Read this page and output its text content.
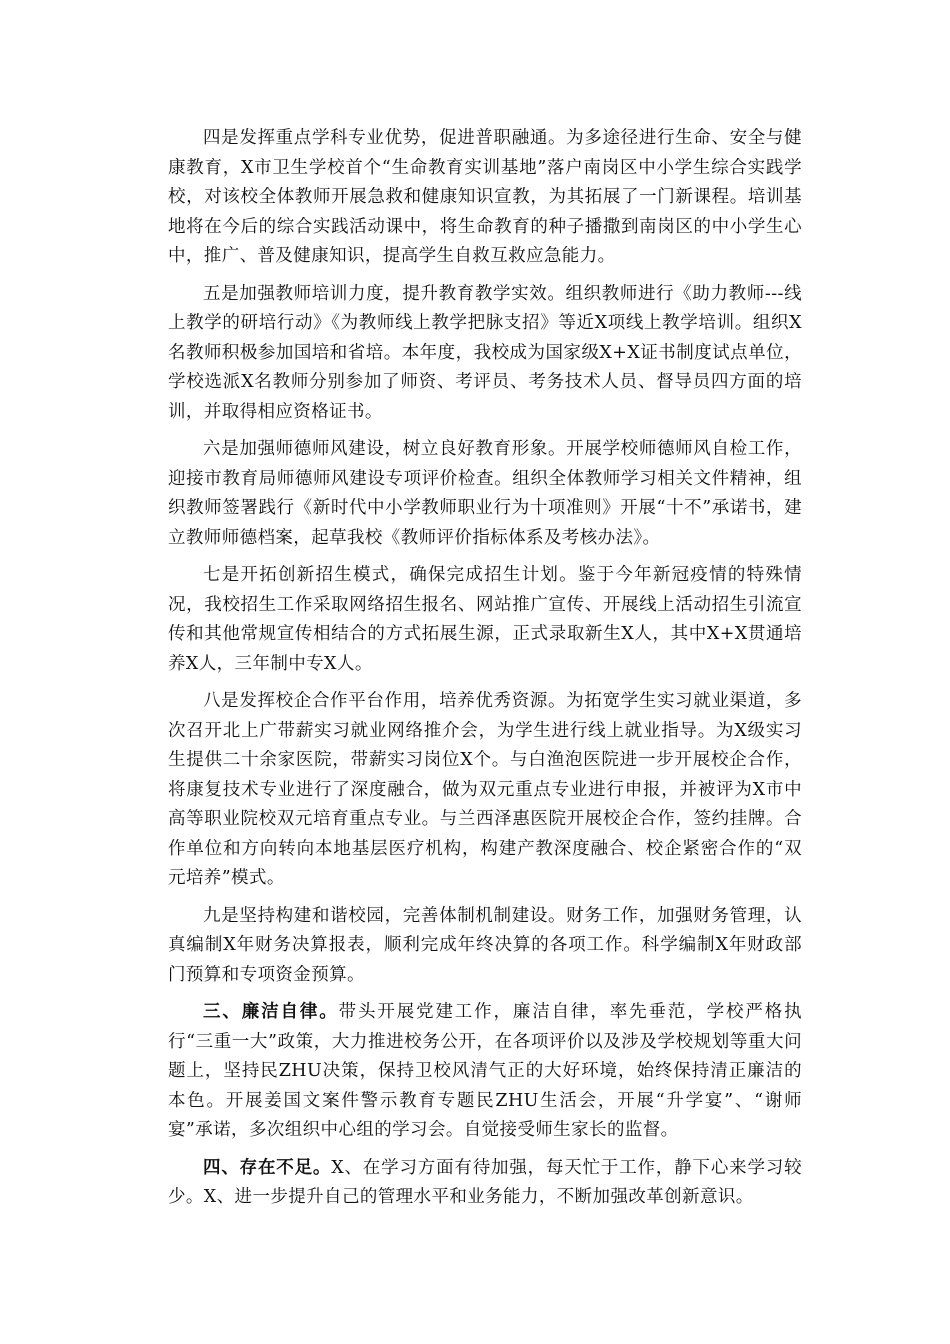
四是发挥重点学科专业优势，促进普职融通。为多途径进行生命、安全与健康教育，X市卫生学校首个“生命教育实训基地”落户南岗区中小学生综合实践学校，对该校全体教师开展急救和健康知识宣教，为其拓展了一门新课程。培训基地将在今后的综合实践活动课中，将生命教育的种子播撒到南岗区的中小学生心中，推广、普及健康知识，提高学生自救互救应急能力。

五是加强教师培训力度，提升教育教学实效。组织教师进行《助力教师---线上教学的研培行动》《为教师线上教学把脉支招》等近X项线上教学培训。组织X名教师积极参加国培和省培。本年度，我校成为国家级X+X证书制度试点单位，学校选派X名教师分别参加了师资、考评员、考务技术人员、督导员四方面的培训，并取得相应资格证书。

六是加强师德师风建设，树立良好教育形象。开展学校师德师风自检工作，迎接市教育局师德师风建设专项评价检查。组织全体教师学习相关文件精神，组织教师签署践行《新时代中小学教师职业行为十项准则》开展“十不”承诺书，建立教师师德档案，起草我校《教师评价指标体系及考核办法》。

七是开拓创新招生模式，确保完成招生计划。鉴于今年新冠疫情的特殊情况，我校招生工作采取网络招生报名、网站推广宣传、开展线上活动招生引流宣传和其他常规宣传相结合的方式拓展生源，正式录取新生X人，其中X+X贯通培养X人，三年制中专X人。

八是发挥校企合作平台作用，培养优秀资源。为拓宽学生实习就业渠道，多次召开北上广带薪实习就业网络推介会，为学生进行线上就业指导。为X级实习生提供二十余家医院，带薪实习岗位X个。与白渔泡医院进一步开展校企合作，将康复技术专业进行了深度融合，做为双元重点专业进行申报，并被评为X市中高等职业院校双元培育重点专业。与兰西泽惠医院开展校企合作，签约挂牌。合作单位和方向转向本地基层医疗机构，构建产教深度融合、校企紧密合作的“双元培养”模式。

九是坚持构建和谐校园，完善体制机制建设。财务工作，加强财务管理，认真编制X年财务决算报表，顺利完成年终决算的各项工作。科学编制X年财政部门预算和专项资金预算。

三、廉洁自律。带头开展党建工作，廉洁自律，率先垂范，学校严格执行“三重一大”政策，大力推进校务公开，在各项评价以及涉及学校规划等重大问题上，坚持民ZHU决策，保持卫校风清气正的大好环境，始终保持清正廉洁的本色。开展姜国文案件警示教育专题民ZHU生活会，开展“升学宴”、“谢师宴”承诺，多次组织中心组的学习会。自觉接受师生家长的监督。

四、存在不足。X、在学习方面有待加强，每天忙于工作，静下心来学习较少。X、进一步提升自己的管理水平和业务能力，不断加强改革创新意识。
